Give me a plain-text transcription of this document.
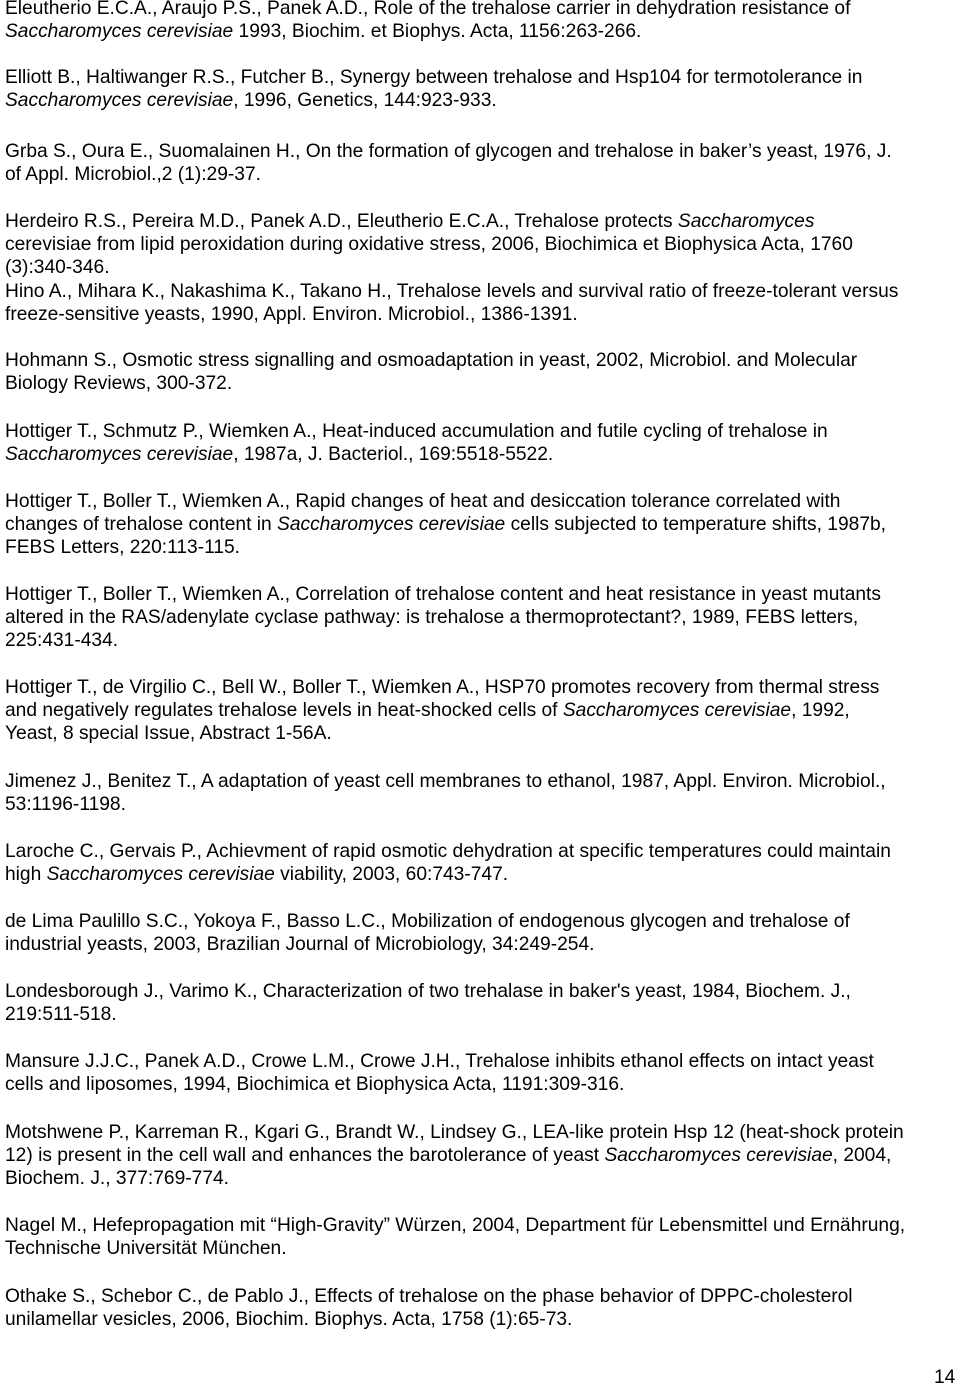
Eleutherio E.C.A., Araujo P.S., Panek A.D., Role of the trehalose carrier in dehydration resistance of
Saccharomyces cerevisiae 1993, Biochim. et Biophys. Acta, 1156:263-266.
Elliott B., Haltiwanger R.S., Futcher B., Synergy between trehalose and Hsp104 for termotolerance in
Saccharomyces cerevisiae, 1996, Genetics, 144:923-933.
Grba S., Oura E., Suomalainen H., On the formation of glycogen and trehalose in baker’s yeast, 1976, J.
of Appl. Microbiol.,2 (1):29-37.
Herdeiro R.S., Pereira M.D., Panek A.D., Eleutherio E.C.A., Trehalose protects Saccharomyces
cerevisiae from lipid peroxidation during oxidative stress, 2006, Biochimica et Biophysica Acta, 1760
(3):340-346.
Hino A., Mihara K., Nakashima K., Takano H., Trehalose levels and survival ratio of freeze-tolerant versus
freeze-sensitive yeasts, 1990, Appl. Environ. Microbiol., 1386-1391.
Hohmann S., Osmotic stress signalling and osmoadaptation in yeast, 2002, Microbiol. and Molecular
Biology Reviews, 300-372.
Hottiger T., Schmutz P., Wiemken A., Heat-induced accumulation and futile cycling of trehalose in
Saccharomyces cerevisiae, 1987a, J. Bacteriol., 169:5518-5522.
Hottiger T., Boller T., Wiemken A., Rapid changes of heat and desiccation tolerance correlated with
changes of trehalose content in Saccharomyces cerevisiae cells subjected to temperature shifts, 1987b,
FEBS Letters, 220:113-115.
Hottiger T., Boller T., Wiemken A., Correlation of trehalose content and heat resistance in yeast mutants
altered in the RAS/adenylate cyclase pathway: is trehalose a thermoprotectant?, 1989, FEBS letters,
225:431-434.
Hottiger T., de Virgilio C., Bell W., Boller T., Wiemken A., HSP70 promotes recovery from thermal stress
and negatively regulates trehalose levels in heat-shocked cells of Saccharomyces cerevisiae, 1992,
Yeast, 8 special Issue, Abstract 1-56A.
Jimenez J., Benitez T., A adaptation of yeast cell membranes to ethanol, 1987, Appl. Environ. Microbiol.,
53:1196-1198.
Laroche C., Gervais P., Achievment of rapid osmotic dehydration at specific temperatures could maintain
high Saccharomyces cerevisiae viability, 2003, 60:743-747.
de Lima Paulillo S.C., Yokoya F., Basso L.C., Mobilization of endogenous glycogen and trehalose of
industrial yeasts, 2003, Brazilian Journal of Microbiology, 34:249-254.
Londesborough J., Varimo K., Characterization of two trehalase in baker's yeast, 1984, Biochem. J.,
219:511-518.
Mansure J.J.C., Panek A.D., Crowe L.M., Crowe J.H., Trehalose inhibits ethanol effects on intact yeast
cells and liposomes, 1994, Biochimica et Biophysica Acta, 1191:309-316.
Motshwene P., Karreman R., Kgari G., Brandt W., Lindsey G., LEA-like protein Hsp 12 (heat-shock protein
12) is present in the cell wall and enhances the barotolerance of yeast Saccharomyces cerevisiae, 2004,
Biochem. J., 377:769-774.
Nagel M., Hefepropagation mit “High-Gravity” Würzen, 2004, Department für Lebensmittel und Ernährung,
Technische Universität München.
Othake S., Schebor C., de Pablo J., Effects of trehalose on the phase behavior of DPPC-cholesterol
unilamellar vesicles, 2006, Biochim. Biophys. Acta, 1758 (1):65-73.
14
